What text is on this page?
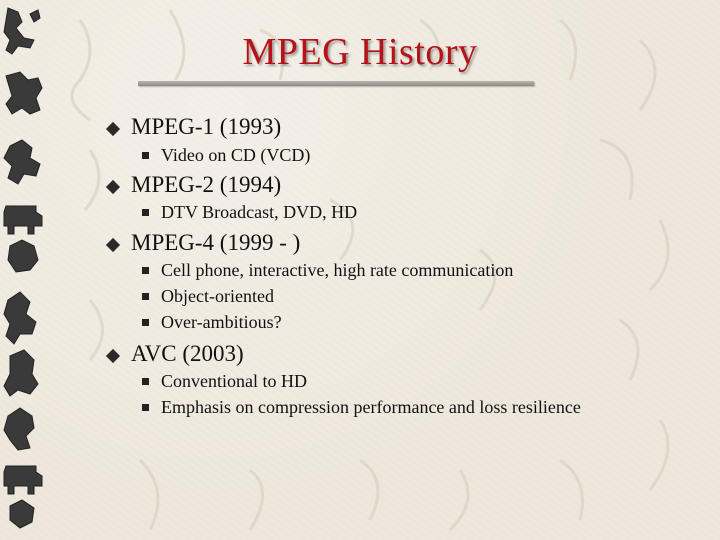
MPEG History
MPEG-1 (1993)
Video on CD (VCD)
MPEG-2 (1994)
DTV Broadcast, DVD, HD
MPEG-4 (1999 - )
Cell phone, interactive, high rate communication
Object-oriented
Over-ambitious?
AVC (2003)
Conventional to HD
Emphasis on compression performance and loss resilience
